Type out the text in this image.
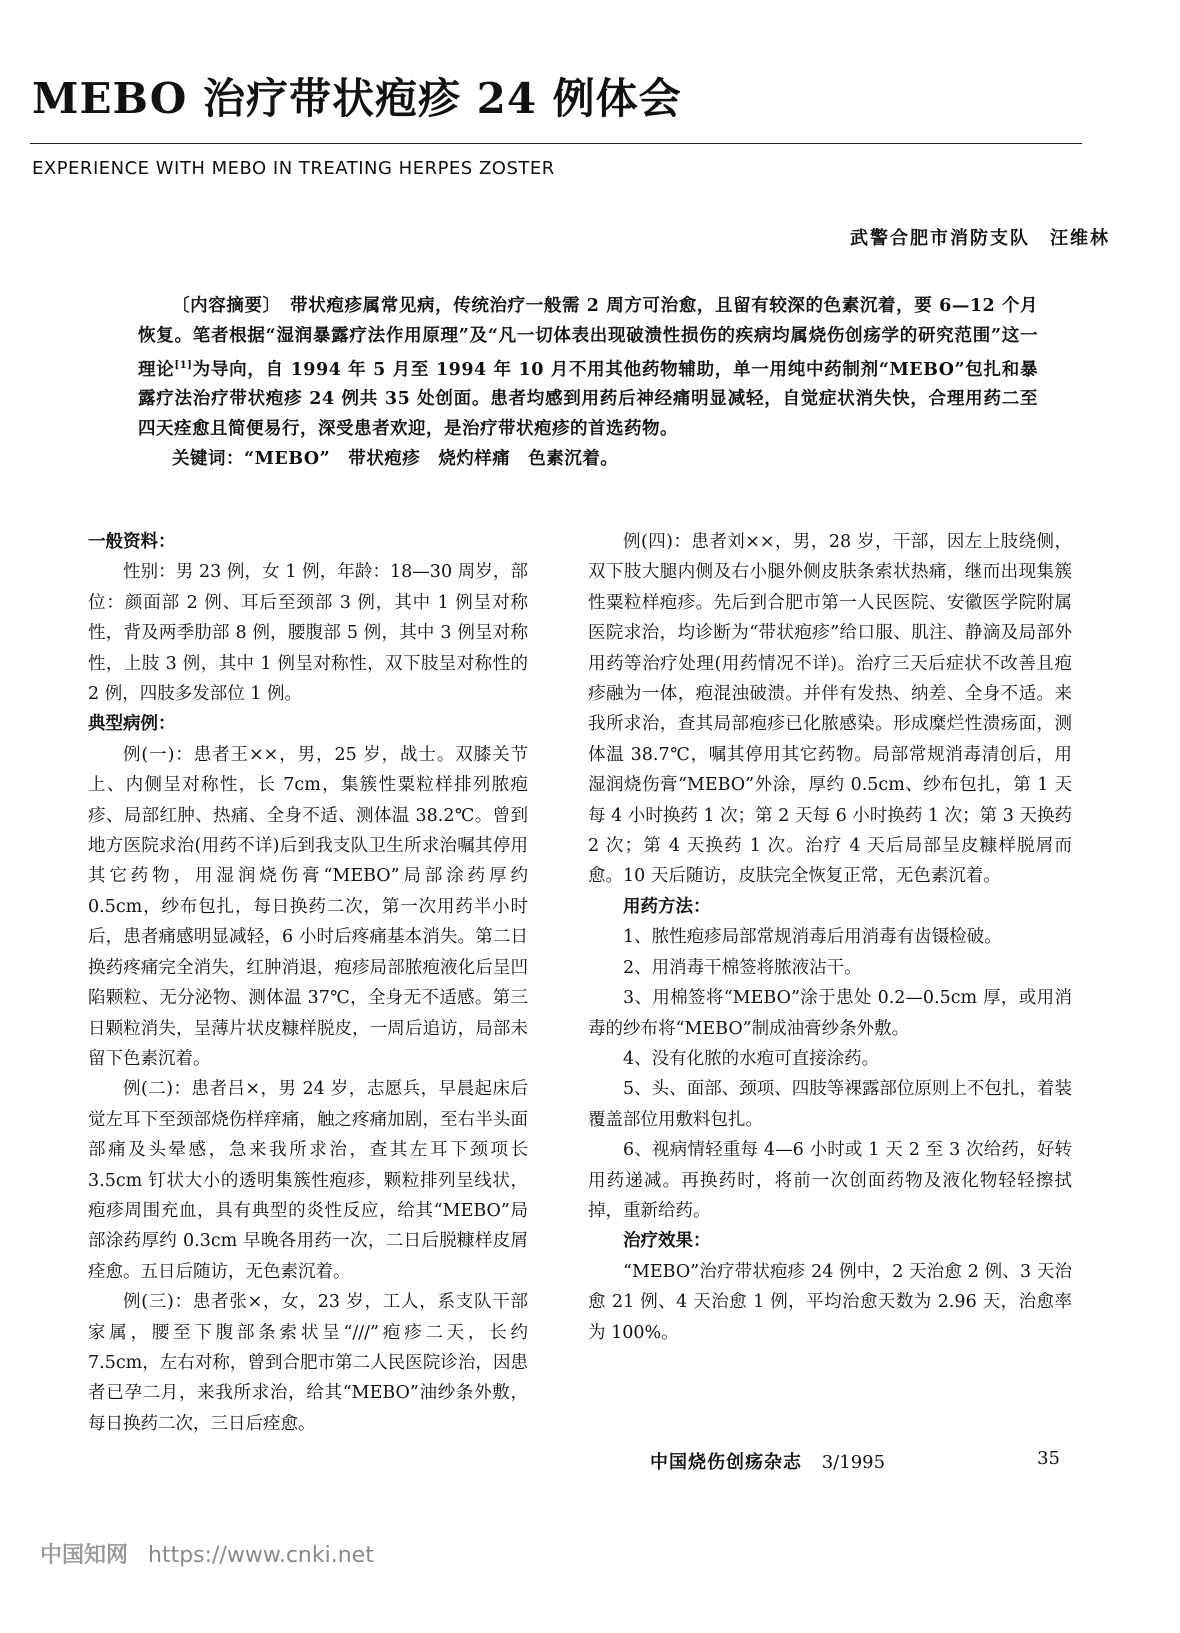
MEBO 治疗带状疱疹 24 例体会
EXPERIENCE WITH MEBO IN TREATING HERPES ZOSTER
武警合肥市消防支队　汪维林

〔内容摘要〕　 带状疱疹属常见病，传统治疗一般需 2 周方可治愈，且留有较深的色素沉着，要 6—12 个月恢复。笔者根据“湿润暴露疗法作用原理”及“凡一切体表出现破溃性损伤的疾病均属烧伤创疡学的研究范围”这一理论[1]为导向，自 1994 年 5 月至 1994 年 10 月不用其他药物辅助，单一用纯中药制剂“MEBO”包扎和暴露疗法治疗带状疱疹 24 例共 35 处创面。患者均感到用药后神经痛明显减轻，自觉症状消失快，合理用药二至四天痊愈且简便易行，深受患者欢迎，是治疗带状疱疹的首选药物。

关键词：“MEBO”　带状疱疹　烧灼样痛　色素沉着。

一般资料：

性别：男 23 例，女 1 例，年龄：18—30 周岁，部位：颜面部 2 例、耳后至颈部 3 例，其中 1 例呈对称性，背及两季肋部 8 例，腰腹部 5 例，其中 3 例呈对称性，上肢 3 例，其中 1 例呈对称性，双下肢呈对称性的 2 例，四肢多发部位 1 例。

典型病例：

例(一)：患者王××，男，25 岁，战士。双膝关节上、内侧呈对称性，长 7cm，集簇性粟粒样排列脓疱疹、局部红肿、热痛、全身不适、测体温 38.2℃。曾到地方医院求治(用药不详)后到我支队卫生所求治嘱其停用其它药物，用湿润烧伤膏“MEBO”局部涂药厚约 0.5cm，纱布包扎，每日换药二次，第一次用药半小时后，患者痛感明显减轻，6 小时后疼痛基本消失。第二日换药疼痛完全消失，红肿消退，疱疹局部脓疱液化后呈凹陷颗粒、无分泌物、测体温 37℃，全身无不适感。第三日颗粒消失，呈薄片状皮糠样脱皮，一周后追访，局部未留下色素沉着。

例(二)：患者吕×，男 24 岁，志愿兵，早晨起床后觉左耳下至颈部烧伤样痒痛，触之疼痛加剧，至右半头面部痛及头晕感，急来我所求治，查其左耳下颈项长 3.5cm 钉状大小的透明集簇性疱疹，颗粒排列呈线状，疱疹周围充血，具有典型的炎性反应，给其“MEBO”局部涂药厚约 0.3cm 早晚各用药一次，二日后脱糠样皮屑痊愈。五日后随访，无色素沉着。

例(三)：患者张×，女，23 岁，工人，系支队干部家属，腰至下腹部条索状呈“///”疱疹二天，长约 7.5cm，左右对称，曾到合肥市第二人民医院诊治，因患者已孕二月，来我所求治，给其“MEBO”油纱条外敷，每日换药二次，三日后痊愈。

例(四)：患者刘××，男，28 岁，干部，因左上肢绕侧，双下肢大腿内侧及右小腿外侧皮肤条索状热痛，继而出现集簇性粟粒样疱疹。先后到合肥市第一人民医院、安徽医学院附属医院求治，均诊断为“带状疱疹”给口服、肌注、静滴及局部外用药等治疗处理(用药情况不详)。治疗三天后症状不改善且疱疹融为一体，疱混浊破溃。并伴有发热、纳差、全身不适。来我所求治，查其局部疱疹已化脓感染。形成糜烂性溃疡面，测体温 38.7℃，嘱其停用其它药物。局部常规消毒清创后，用湿润烧伤膏“MEBO”外涂，厚约 0.5cm、纱布包扎，第 1 天每 4 小时换药 1 次；第 2 天每 6 小时换药 1 次；第 3 天换药 2 次；第 4 天换药 1 次。治疗 4 天后局部呈皮糠样脱屑而愈。10 天后随访，皮肤完全恢复正常，无色素沉着。

用药方法：

1、脓性疱疹局部常规消毒后用消毒有齿镊检破。

2、用消毒干棉签将脓液沾干。

3、用棉签将“MEBO”涂于患处 0.2—0.5cm 厚，或用消毒的纱布将“MEBO”制成油膏纱条外敷。

4、没有化脓的水疱可直接涂药。

5、头、面部、颈项、四肢等裸露部位原则上不包扎，着装覆盖部位用敷料包扎。

6、视病情轻重每 4—6 小时或 1 天 2 至 3 次给药，好转用药递减。再换药时，将前一次创面药物及液化物轻轻擦拭掉，重新给药。

治疗效果：

“MEBO”治疗带状疱疹 24 例中，2 天治愈 2 例、3 天治愈 21 例、4 天治愈 1 例，平均治愈天数为 2.96 天，治愈率为 100%。

中国烧伤创疡杂志 3/1995	35
中国知网 https://www.cnki.net
